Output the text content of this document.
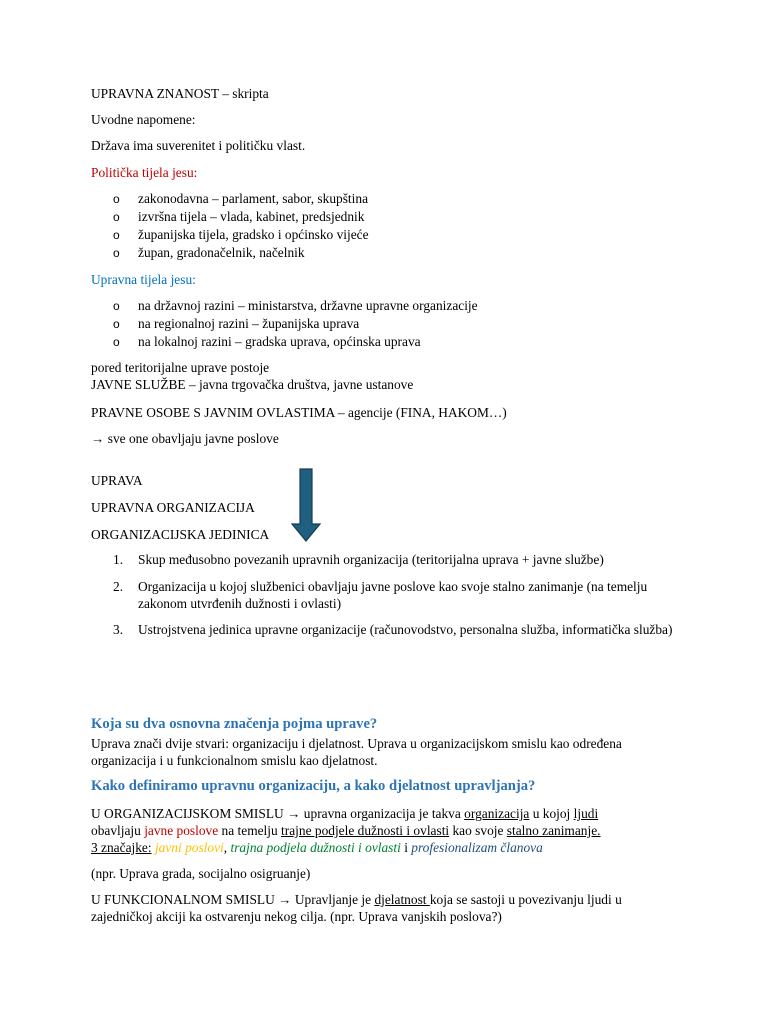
UPRAVNA ZNANOST – skripta
Uvodne napomene:
Država ima suverenitet i političku vlast.
Politička tijela jesu:
o zakonodavna – parlament, sabor, skupština
o izvršna tijela – vlada, kabinet, predsjednik
o županijska tijela, gradsko i općinsko vijeće
o župan, gradonačelnik, načelnik
Upravna tijela jesu:
o na državnoj razini – ministarstva, državne upravne organizacije
o na regionalnoj razini – županijska uprava
o na lokalnoj razini – gradska uprava, općinska uprava
pored teritorijalne uprave postoje
JAVNE SLUŽBE – javna trgovačka društva, javne ustanove
PRAVNE OSOBE S JAVNIM OVLASTIMA – agencije (FINA, HAKOM…)
→ sve one obavljaju javne poslove
UPRAVA
UPRAVNA ORGANIZACIJA
ORGANIZACIJSKA JEDINICA
1. Skup međusobno povezanih upravnih organizacija (teritorijalna uprava + javne službe)
2. Organizacija u kojoj službenici obavljaju javne poslove kao svoje stalno zanimanje (na temelju zakonom utvrđenih dužnosti i ovlasti)
3. Ustrojstvena jedinica upravne organizacije (računovodstvo, personalna služba, informatička služba)
Koja su dva osnovna značenja pojma uprave?
Uprava znači dvije stvari: organizaciju i djelatnost. Uprava u organizacijskom smislu kao određena
organizacija i u funkcionalnom smislu kao djelatnost.
Kako definiramo upravnu organizaciju, a kako djelatnost upravljanja?
U ORGANIZACIJSKOM SMISLU → upravna organizacija je takva organizacija u kojoj ljudi
obavljaju javne poslove na temelju trajne podjele dužnosti i ovlasti kao svoje stalno zanimanje.
3 značajke: javni poslovi, trajna podjela dužnosti i ovlasti i profesionalizam članova
(npr. Uprava grada, socijalno osigruanje)
U FUNKCIONALNOM SMISLU → Upravljanje je djelatnost koja se sastoji u povezivanju ljudi u
zajedničkoj akciji ka ostvarenju nekog cilja. (npr. Uprava vanjskih poslova?)
